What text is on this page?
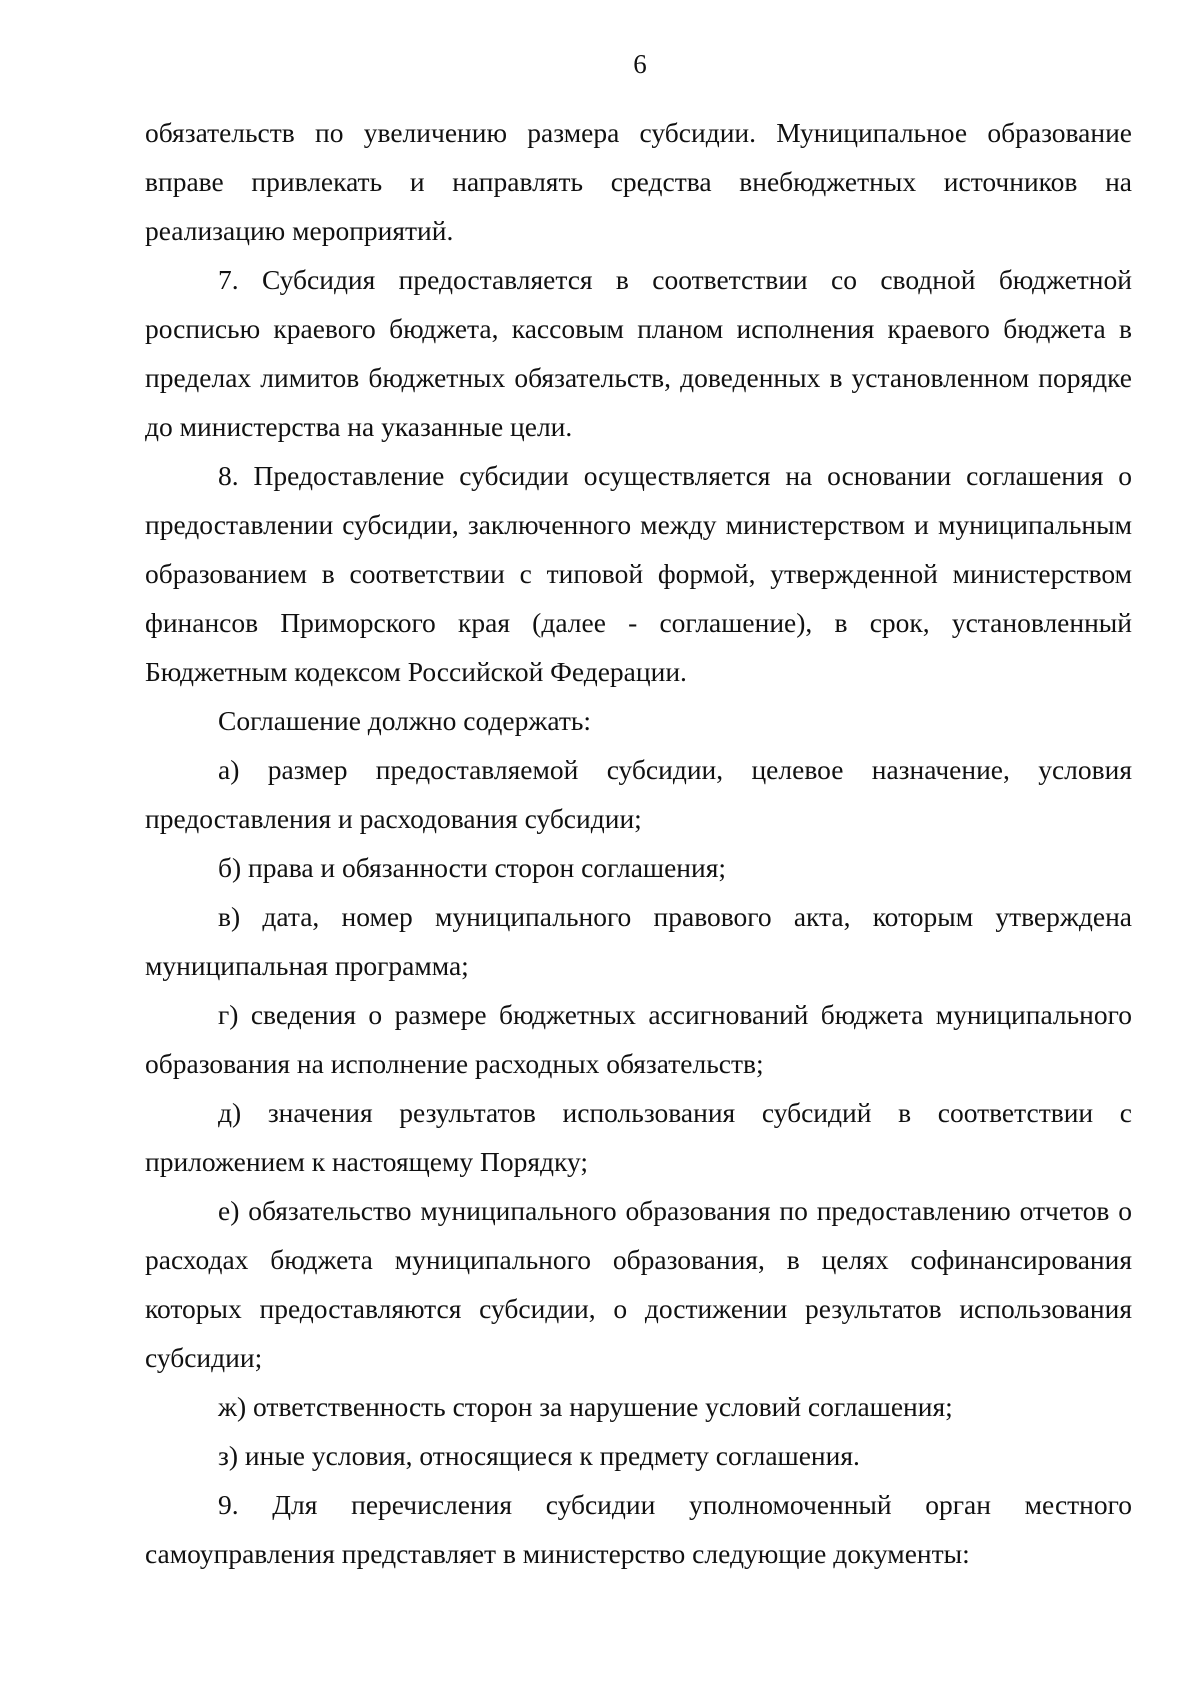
6

обязательств по увеличению размера субсидии. Муниципальное образование вправе привлекать и направлять средства внебюджетных источников на реализацию мероприятий.

7. Субсидия предоставляется в соответствии со сводной бюджетной росписью краевого бюджета, кассовым планом исполнения краевого бюджета в пределах лимитов бюджетных обязательств, доведенных в установленном порядке до министерства на указанные цели.

8. Предоставление субсидии осуществляется на основании соглашения о предоставлении субсидии, заключенного между министерством и муниципальным образованием в соответствии с типовой формой, утвержденной министерством финансов Приморского края (далее - соглашение), в срок, установленный Бюджетным кодексом Российской Федерации.

Соглашение должно содержать:

а) размер предоставляемой субсидии, целевое назначение, условия предоставления и расходования субсидии;

б) права и обязанности сторон соглашения;

в) дата, номер муниципального правового акта, которым утверждена муниципальная программа;

г) сведения о размере бюджетных ассигнований бюджета муниципального образования на исполнение расходных обязательств;

д) значения результатов использования субсидий в соответствии с приложением к настоящему Порядку;

е) обязательство муниципального образования по предоставлению отчетов о расходах бюджета муниципального образования, в целях софинансирования которых предоставляются субсидии, о достижении результатов использования субсидии;

ж) ответственность сторон за нарушение условий соглашения;

з) иные условия, относящиеся к предмету соглашения.

9. Для перечисления субсидии уполномоченный орган местного самоуправления представляет в министерство следующие документы:
